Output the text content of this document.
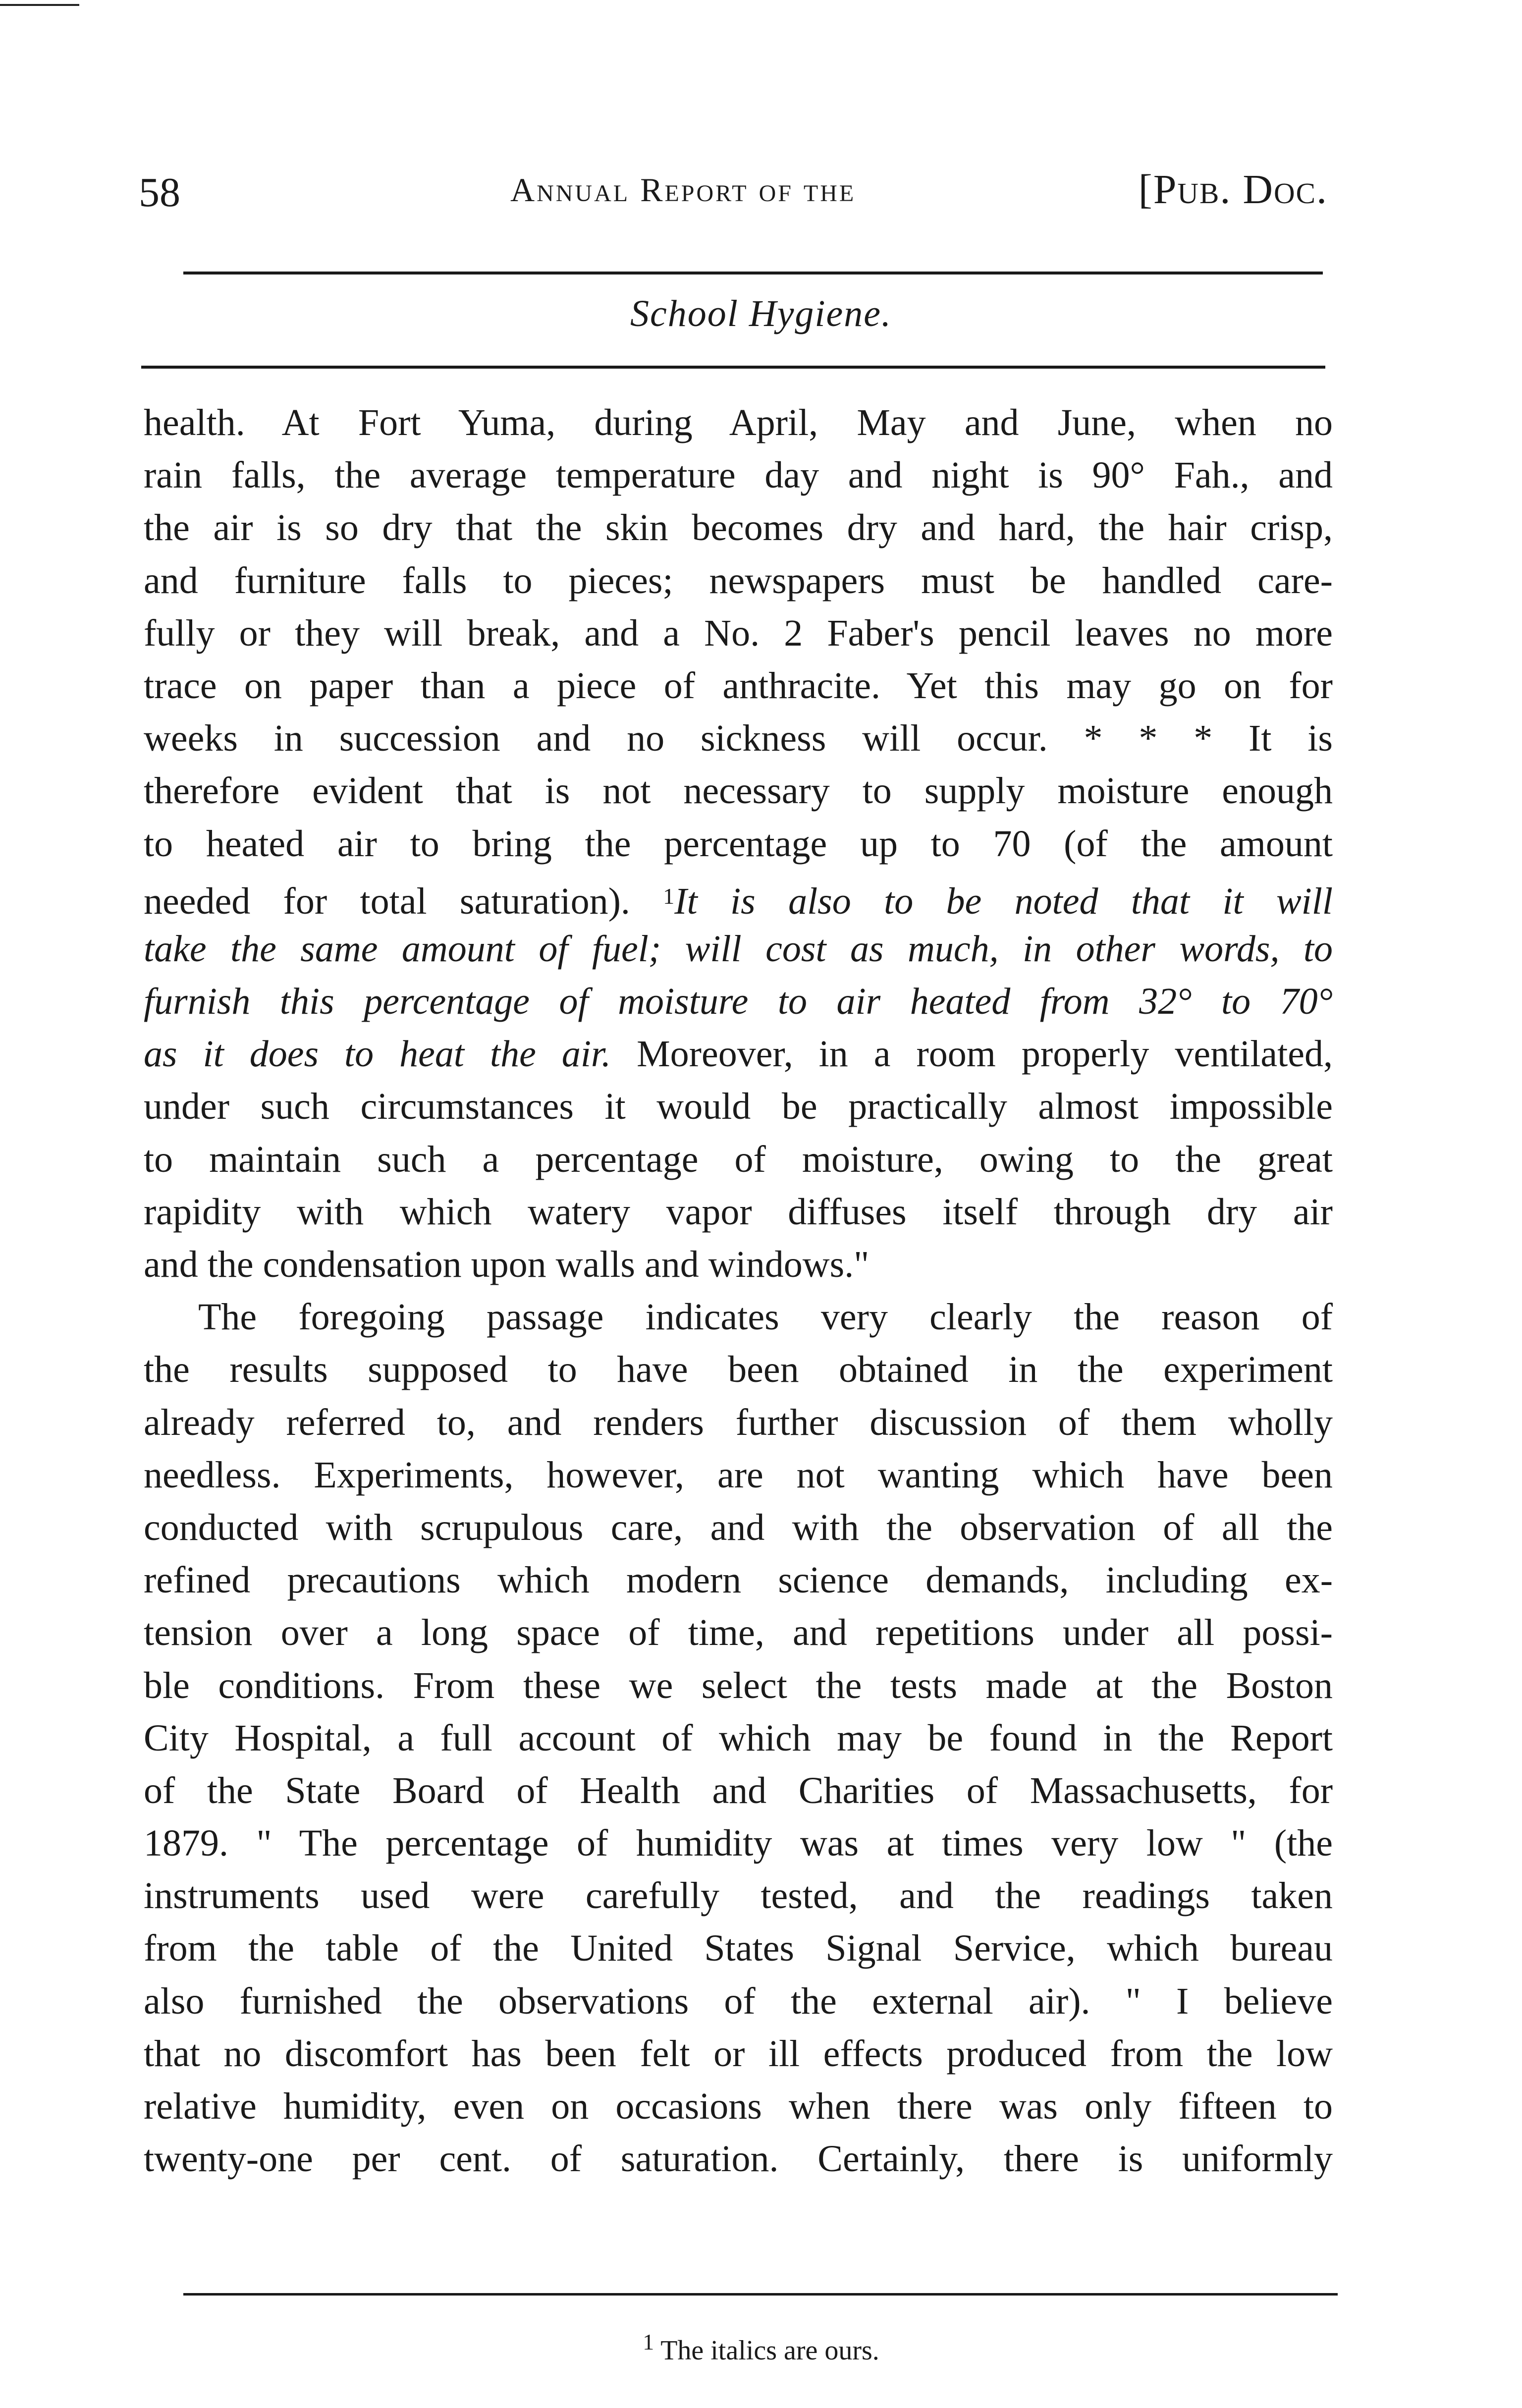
58	Annual Report of the	[Pub. Doc.
School Hygiene.
health. At Fort Yuma, during April, May and June, when no
rain falls, the average temperature day and night is 90° Fah., and
the air is so dry that the skin becomes dry and hard, the hair crisp,
and furniture falls to pieces; newspapers must be handled care-
fully or they will break, and a No. 2 Faber's pencil leaves no more
trace on paper than a piece of anthracite. Yet this may go on for
weeks in succession and no sickness will occur. * * * It is
therefore evident that is not necessary to supply moisture enough
to heated air to bring the percentage up to 70 (of the amount
needed for total saturation). $^1$It is also to be noted that it will
take the same amount of fuel; will cost as much, in other words, to
furnish this percentage of moisture to air heated from 32° to 70°
as it does to heat the air. Moreover, in a room properly ventilated,
under such circumstances it would be practically almost impossible
to maintain such a percentage of moisture, owing to the great
rapidity with which watery vapor diffuses itself through dry air
and the condensation upon walls and windows."
The foregoing passage indicates very clearly the reason of
the results supposed to have been obtained in the experiment
already referred to, and renders further discussion of them wholly
needless. Experiments, however, are not wanting which have been
conducted with scrupulous care, and with the observation of all the
refined precautions which modern science demands, including ex-
tension over a long space of time, and repetitions under all possi-
ble conditions. From these we select the tests made at the Boston
City Hospital, a full account of which may be found in the Report
of the State Board of Health and Charities of Massachusetts, for
1879. " The percentage of humidity was at times very low " (the
instruments used were carefully tested, and the readings taken
from the table of the United States Signal Service, which bureau
also furnished the observations of the external air). " I believe
that no discomfort has been felt or ill effects produced from the low
relative humidity, even on occasions when there was only fifteen to
twenty-one per cent. of saturation. Certainly, there is uniformly
$^1$ The italics are ours.
